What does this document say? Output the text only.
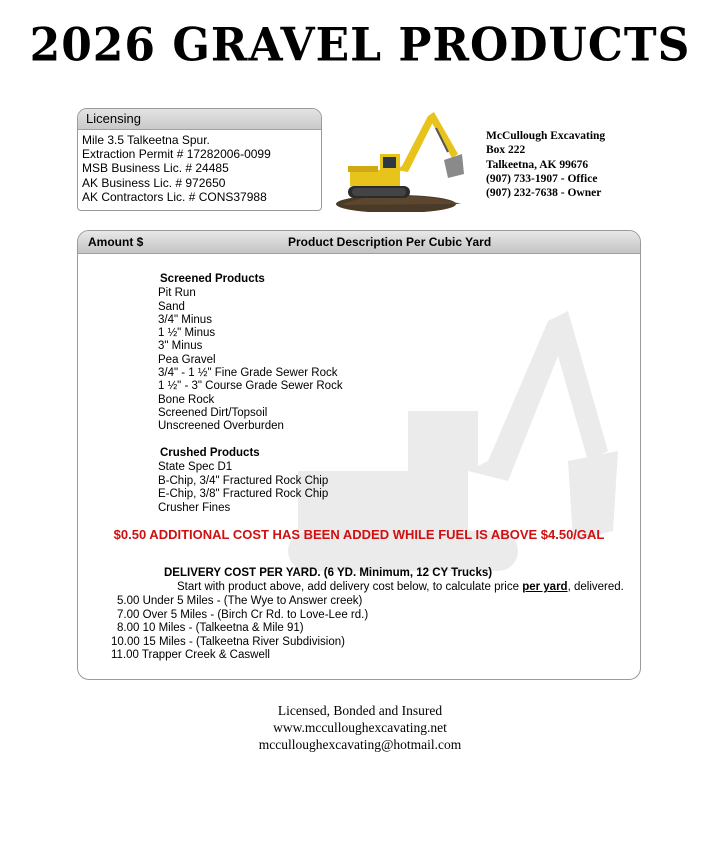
2026 GRAVEL PRODUCTS
Licensing
Mile 3.5 Talkeetna Spur.
Extraction Permit # 17282006-0099
MSB Business Lic. # 24485
AK Business Lic. # 972650
AK Contractors Lic. # CONS37988
McCullough Excavating
Box 222
Talkeetna, AK 99676
(907) 733-1907 - Office
(907) 232-7638 - Owner
Amount $	Product Description Per Cubic Yard
Screened Products
Pit Run
Sand
3/4" Minus
1 ½" Minus
3" Minus
Pea Gravel
3/4" - 1 ½" Fine Grade Sewer Rock
1 ½" - 3" Course Grade Sewer Rock
Bone Rock
Screened Dirt/Topsoil
Unscreened Overburden
Crushed Products
State Spec D1
B-Chip, 3/4" Fractured Rock Chip
E-Chip, 3/8" Fractured Rock Chip
Crusher Fines
$0.50 ADDITIONAL COST HAS BEEN ADDED WHILE FUEL IS ABOVE $4.50/GAL
DELIVERY COST PER YARD. (6 YD. Minimum, 12 CY Trucks)
Start with product above, add delivery cost below, to calculate price per yard, delivered.
5.00 Under 5 Miles - (The Wye to Answer creek)
7.00 Over 5 Miles - (Birch Cr Rd. to Love-Lee rd.)
8.00 10 Miles - (Talkeetna & Mile 91)
10.00 15 Miles - (Talkeetna River Subdivision)
11.00 Trapper Creek & Caswell
Licensed, Bonded and Insured
www.mcculloughexcavating.net
mcculloughexcavating@hotmail.com
